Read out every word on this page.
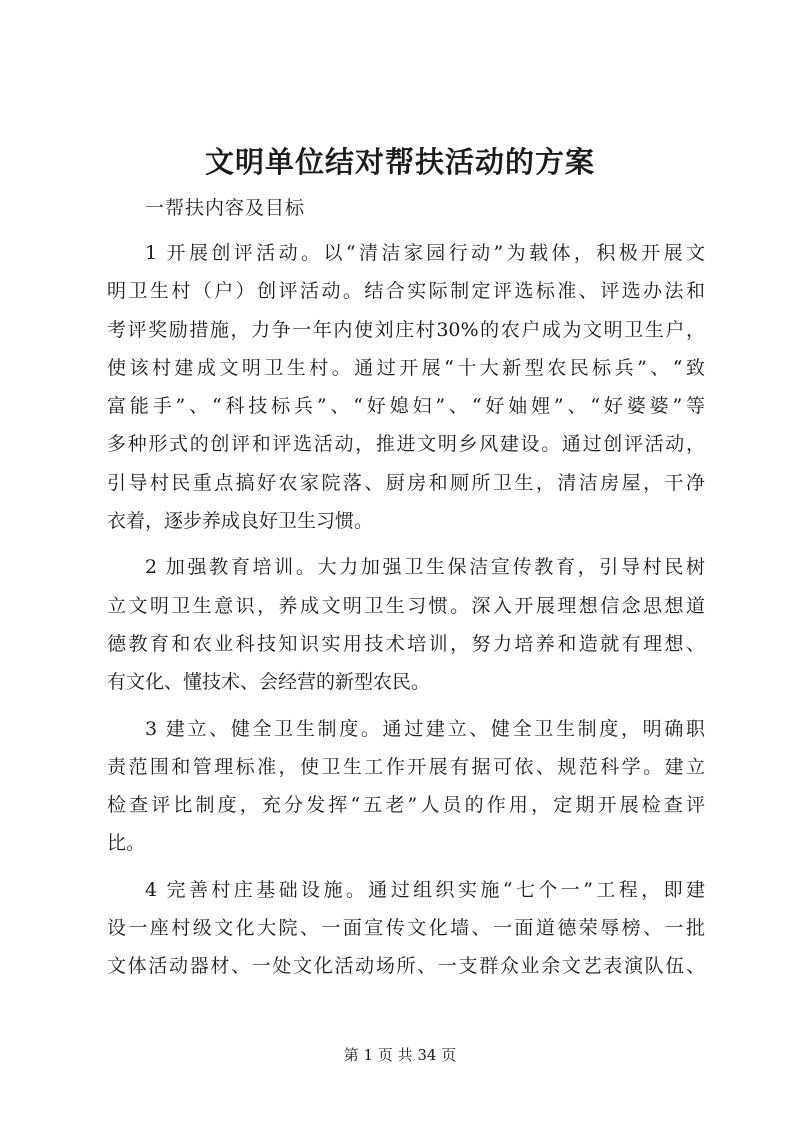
文明单位结对帮扶活动的方案
一帮扶内容及目标
1 开展创评活动。以“清洁家园行动”为载体，积极开展文
明卫生村（户）创评活动。结合实际制定评选标准、评选办法和
考评奖励措施，力争一年内使刘庄村30%的农户成为文明卫生户，
使该村建成文明卫生村。通过开展“十大新型农民标兵”、“致
富能手”、“科技标兵”、“好媳妇”、“好妯娌”、“好婆婆”等
多种形式的创评和评选活动，推进文明乡风建设。通过创评活动，
引导村民重点搞好农家院落、厨房和厕所卫生，清洁房屋，干净
衣着，逐步养成良好卫生习惯。
2 加强教育培训。大力加强卫生保洁宣传教育，引导村民树
立文明卫生意识，养成文明卫生习惯。深入开展理想信念思想道
德教育和农业科技知识实用技术培训，努力培养和造就有理想、
有文化、懂技术、会经营的新型农民。
3 建立、健全卫生制度。通过建立、健全卫生制度，明确职
责范围和管理标准，使卫生工作开展有据可依、规范科学。建立
检查评比制度，充分发挥“五老”人员的作用，定期开展检查评
比。
4 完善村庄基础设施。通过组织实施“七个一”工程，即建
设一座村级文化大院、一面宣传文化墙、一面道德荣辱榜、一批
文体活动器材、一处文化活动场所、一支群众业余文艺表演队伍、
第 1 页 共 34 页
